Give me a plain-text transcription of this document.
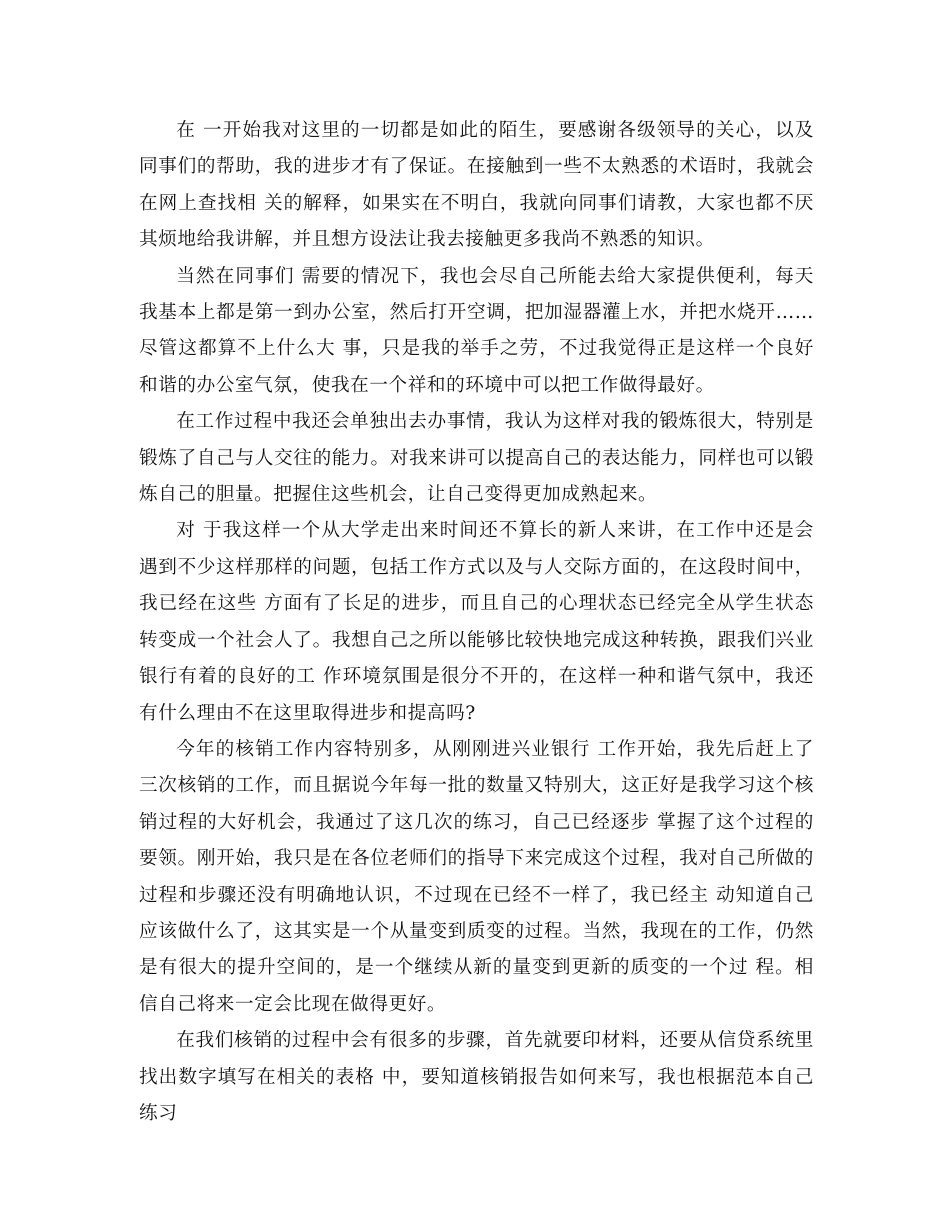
在 一开始我对这里的一切都是如此的陌生，要感谢各级领导的关心，以及同事们的帮助，我的进步才有了保证。在接触到一些不太熟悉的术语时，我就会在网上查找相 关的解释，如果实在不明白，我就向同事们请教，大家也都不厌其烦地给我讲解，并且想方设法让我去接触更多我尚不熟悉的知识。

当然在同事们 需要的情况下，我也会尽自己所能去给大家提供便利，每天我基本上都是第一到办公室，然后打开空调，把加湿器灌上水，并把水烧开……尽管这都算不上什么大 事，只是我的举手之劳，不过我觉得正是这样一个良好和谐的办公室气氛，使我在一个祥和的环境中可以把工作做得最好。

在工作过程中我还会单独出去办事情，我认为这样对我的锻炼很大，特别是锻炼了自己与人交往的能力。对我来讲可以提高自己的表达能力，同样也可以锻炼自己的胆量。把握住这些机会，让自己变得更加成熟起来。

对 于我这样一个从大学走出来时间还不算长的新人来讲，在工作中还是会遇到不少这样那样的问题，包括工作方式以及与人交际方面的，在这段时间中，我已经在这些 方面有了长足的进步，而且自己的心理状态已经完全从学生状态转变成一个社会人了。我想自己之所以能够比较快地完成这种转换，跟我们兴业银行有着的良好的工 作环境氛围是很分不开的，在这样一种和谐气氛中，我还有什么理由不在这里取得进步和提高吗?

今年的核销工作内容特别多，从刚刚进兴业银行 工作开始，我先后赶上了三次核销的工作，而且据说今年每一批的数量又特别大，这正好是我学习这个核销过程的大好机会，我通过了这几次的练习，自己已经逐步 掌握了这个过程的要领。刚开始，我只是在各位老师们的指导下来完成这个过程，我对自己所做的过程和步骤还没有明确地认识，不过现在已经不一样了，我已经主 动知道自己应该做什么了，这其实是一个从量变到质变的过程。当然，我现在的工作，仍然是有很大的提升空间的，是一个继续从新的量变到更新的质变的一个过 程。相信自己将来一定会比现在做得更好。

在我们核销的过程中会有很多的步骤，首先就要印材料，还要从信贷系统里找出数字填写在相关的表格 中，要知道核销报告如何来写，我也根据范本自己练习
